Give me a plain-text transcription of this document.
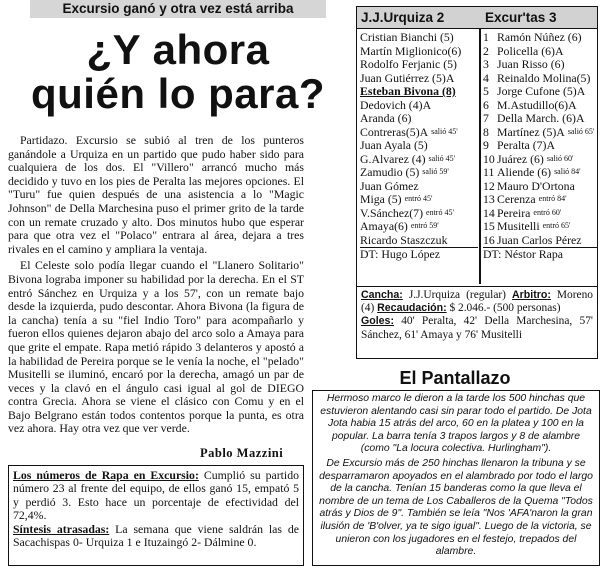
Excursio ganó y otra vez está arriba
¿Y ahora
quién lo para?

Partidazo. Excursio se subió al tren de los punteros ganándole a Urquiza en un partido que pudo haber sido para cualquiera de los dos. El "Villero" arrancó mucho más decidido y tuvo en los pies de Peralta las mejores opciones. El "Turu" fue quien después de una asistencia a lo "Magic Johnson" de Della Marchesina puso el primer grito de la tarde con un remate cruzado y alto. Dos minutos hubo que esperar para que otra vez el "Polaco" entrara al área, dejara a tres rivales en el camino y ampliara la ventaja.

El Celeste solo podía llegar cuando el "Llanero Solitario" Bivona lograba imponer su habilidad por la derecha. En el ST entró Sánchez en Urquiza y a los 57', con un remate bajo desde la izquierda, pudo descontar. Ahora Bivona (la figura de la cancha) tenía a su "fiel Indio Toro" para acompañarlo y fueron ellos quienes dejaron abajo del arco solo a Amaya para que grite el empate. Rapa metió rápido 3 delanteros y apostó a la habilidad de Pereira porque se le venía la noche, el "pelado" Musitelli se iluminó, encaró por la derecha, amagó un par de veces y la clavó en el ángulo casi igual al gol de DIEGO contra Grecia. Ahora se viene el clásico con Comu y en el Bajo Belgrano están todos contentos porque la punta, es otra vez ahora. Hay otra vez que ver verde.

Pablo Mazzini
Los números de Rapa en Excursio: Cumplió su partido número 23 al frente del equipo, de ellos ganó 15, empató 5 y perdió 3. Esto hace un porcentaje de efectividad del 72,4%.
Síntesis atrasadas: La semana que viene saldrán las de Sacachispas 0- Urquiza 1 e Ituzaingó 2- Dálmine 0.
J.J.Urquiza 2	Excur'tas 3
Cristian Bianchi (5)
Martín Miglionico(6)
Rodolfo Ferjanic (5)
Juan Gutiérrez (5)A
Esteban Bivona (8)
Dedovich (4)A
Aranda (6)
Contreras(5)A salió 45'
Juan Ayala (5)
G.Alvarez (4) salió 45'
Zamudio (5) salió 59'
Juan Gómez
Miga (5) entró 45'
V.Sánchez(7) entró 45'
Amaya(6) entró 59'
Ricardo Staszczuk
DT: Hugo López
1 Ramón Núñez (6)
2 Policella (6)A
3 Juan Risso (6)
4 Reinaldo Molina(5)
5 Jorge Cufone (5)A
6 M.Astudillo(6)A
7 Della March. (6)A
8 Martínez (5)A salió 65'
9 Peralta (7)A
10 Juárez (6) salió 60'
11 Aliende (6) salió 84'
12 Mauro D'Ortona
13 Cerenza entró 84'
14 Pereira entró 60'
15 Musitelli entró 65'
16 Juan Carlos Pérez
DT: Néstor Rapa
Cancha: J.J.Urquiza (regular) Arbitro: Moreno (4) Recaudación: $ 2.046.- (500 personas)
Goles: 40' Peralta, 42' Della Marchesina, 57' Sánchez, 61' Amaya y 76' Musitelli
El Pantallazo

Hermoso marco le dieron a la tarde los 500 hinchas que estuvieron alentando casi sin parar todo el partido. De Jota Jota habia 15 atrás del arco, 60 en la platea y 100 en la popular. La barra tenía 3 trapos largos y 8 de alambre (como "La locura colectiva. Hurlingham").

De Excursio más de 250 hinchas llenaron la tribuna y se desparramaron apoyados en el alambrado por todo el largo de la cancha. Tenían 15 banderas como la que lleva el nombre de un tema de Los Caballeros de la Quema "Todos atrás y Dios de 9". También se leía "Nos 'AFA'naron la gran ilusión de 'B'olver, ya te sigo igual". Luego de la victoria, se unieron con los jugadores en el festejo, trepados del alambre.
